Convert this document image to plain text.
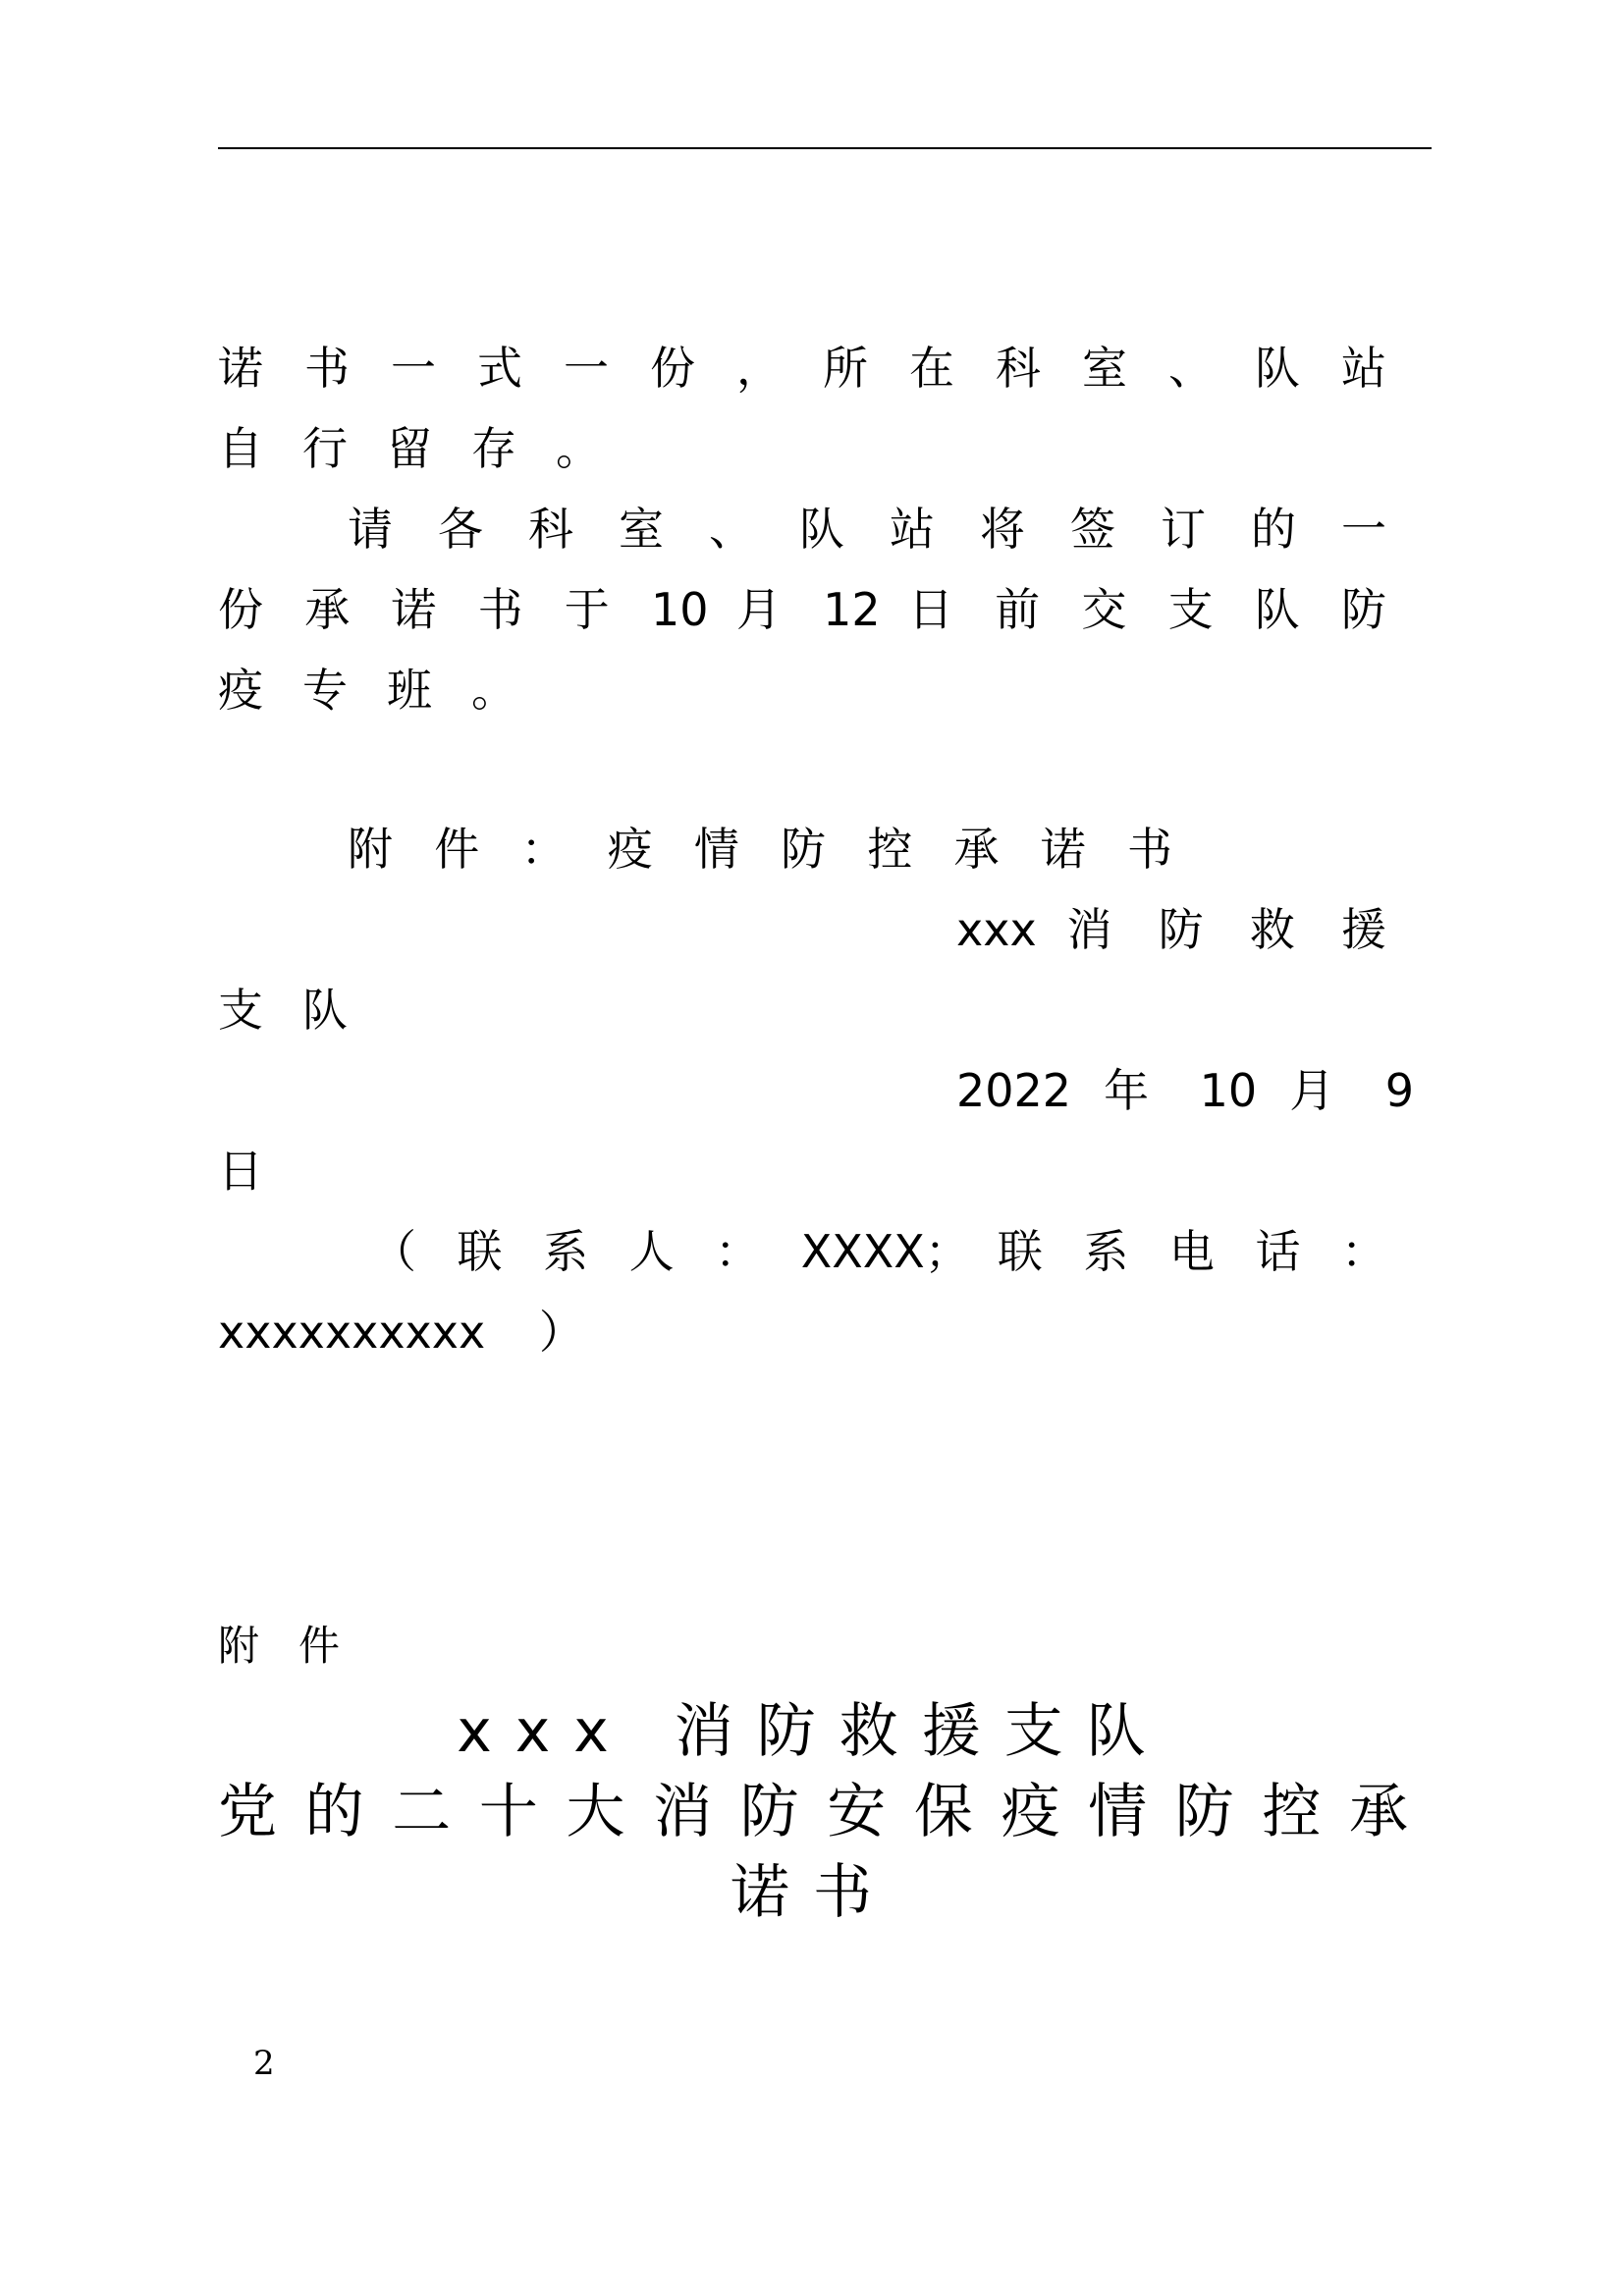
诺 书 一 式 一 份 ， 所 在 科 室 、 队 站
自行留存。
请 各 科 室 、 队 站 将 签 订 的 一
份 承 诺 书 于 10 月 12 日 前 交 支 队 防
疫专班。
附 件 ： 疫 情 防 控 承 诺 书
xxx 消 防 救 援
支队
2022 年 10 月 9
日
（ 联 系 人 ： XXXX； 联 系 电 话 ：
xxxxxxxxxx ）
附件
xxx 消防救援支队
党 的 二 十 大 消 防 安 保 疫 情 防 控 承
诺书
2
